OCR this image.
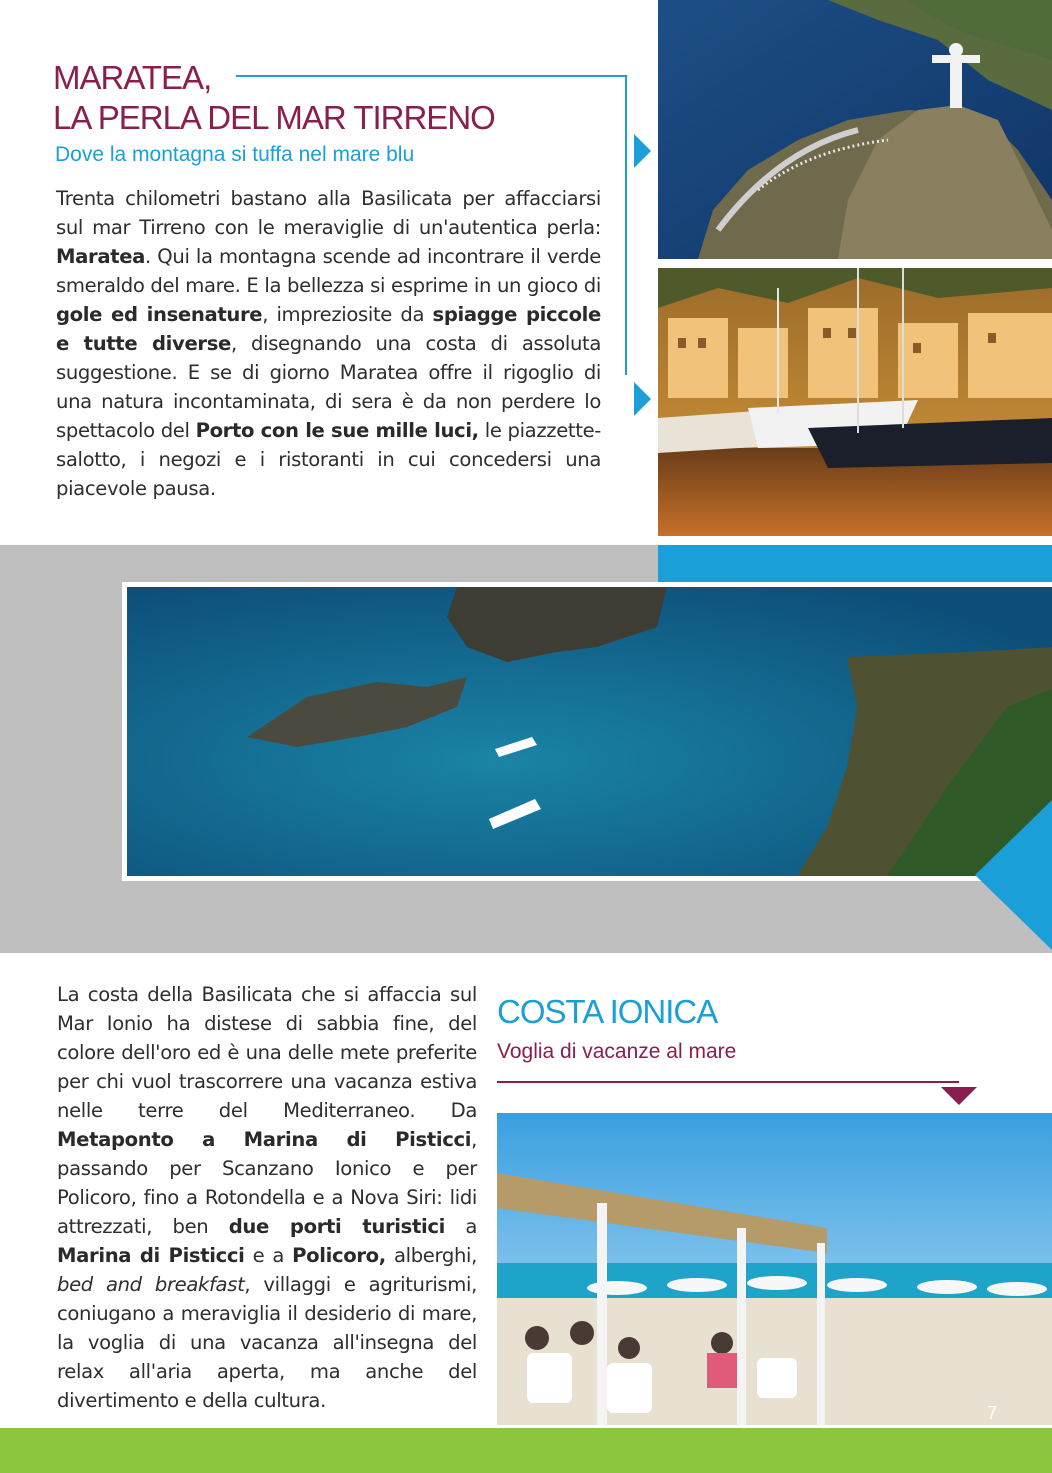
MARATEA,
LA PERLA DEL MAR TIRRENO

Dove la montagna si tuffa nel mare blu

Trenta chilometri bastano alla Basilicata per affacciarsi sul mar Tirreno con le meraviglie di un'autentica perla: Maratea. Qui la montagna scende ad incontrare il verde smeraldo del mare. E la bellezza si esprime in un gioco di gole ed insenature, impreziosite da spiagge piccole e tutte diverse, disegnando una costa di assoluta suggestione. E se di giorno Maratea offre il rigoglio di una natura incontaminata, di sera è da non perdere lo spettacolo del Porto con le sue mille luci, le piazzette-salotto, i negozi e i ristoranti in cui concedersi una piacevole pausa.

La costa della Basilicata che si affaccia sul Mar Ionio ha distese di sabbia fine, del colore dell'oro ed è una delle mete preferite per chi vuol trascorrere una vacanza estiva nelle terre del Mediterraneo. Da Metaponto a Marina di Pisticci, passando per Scanzano Ionico e per Policoro, fino a Rotondella e a Nova Siri: lidi attrezzati, ben due porti turistici a Marina di Pisticci e a Policoro, alberghi, bed and breakfast, villaggi e agriturismi, coniugano a meraviglia il desiderio di mare, la voglia di una vacanza all'insegna del relax all'aria aperta, ma anche del divertimento e della cultura.

COSTA IONICA

Voglia di vacanze al mare

7
